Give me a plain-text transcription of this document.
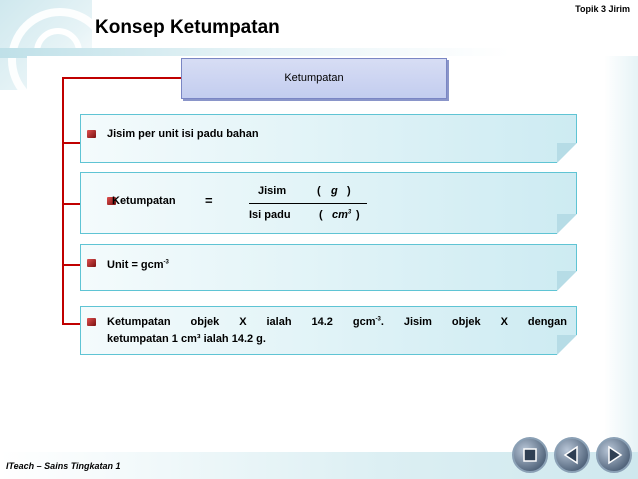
Topik 3 Jirim
Konsep Ketumpatan
Ketumpatan
Jisim per unit isi padu bahan
Ketumpatan =
Jisim	( g )
Isi padu	( $cm^3$ )
Unit = gcm$^{-3}$
Ketumpatan objek X ialah 14.2 gcm$^{-3}$. Jisim objek X dengan
ketumpatan 1 cm³ ialah 14.2 g.
ITeach – Sains Tingkatan 1
